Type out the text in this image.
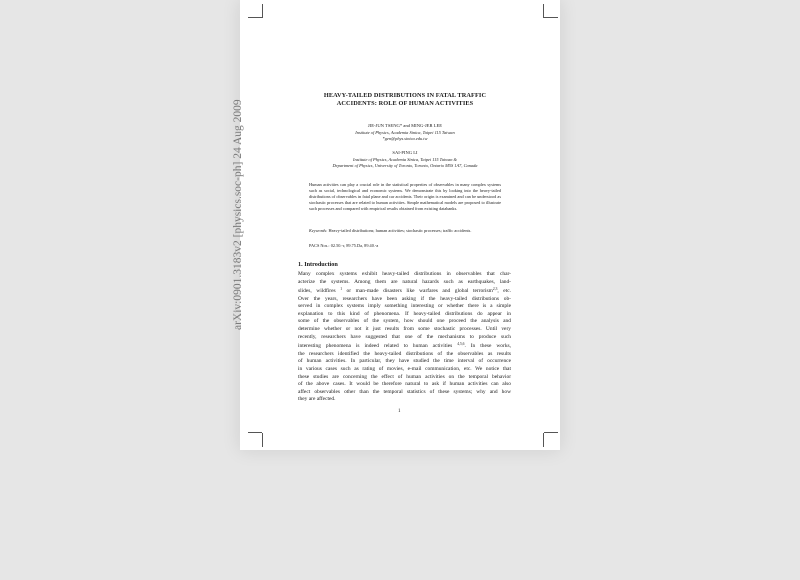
arXiv:0901.3183v2 [physics.soc-ph] 24 Aug 2009
HEAVY-TAILED DISTRIBUTIONS IN FATAL TRAFFIC
ACCIDENTS: ROLE OF HUMAN ACTIVITIES
JIE-JUN TSENG* and MING-JER LEE
Institute of Physics, Academia Sinica, Taipei 115 Taiwan
*gen@phys.sinica.edu.tw
SAI-PING LI
Institute of Physics, Academia Sinica, Taipei 115 Taiwan &
Department of Physics, University of Toronto, Toronto, Ontario M5S 1A7, Canada
Human activities can play a crucial role in the statistical properties of observables in many complex systems such as social, technological and economic systems. We demonstrate this by looking into the heavy-tailed distributions of observables in fatal plane and car accidents. Their origin is examined and can be understood as stochastic processes that are related to human activities. Simple mathematical models are proposed to illustrate such processes and compared with empirical results obtained from existing databanks.
Keywords: Heavy-tailed distributions; human activities; stochastic processes; traffic accidents.
PACS Nos.: 02.50.-r, 89.75.Da, 89.40.-a
1. Introduction
Many complex systems exhibit heavy-tailed distributions in observables that char-
acterize the systems. Among them are natural hazards such as earthquakes, land-
slides, wildfires $^1$ or man-made disasters like warfares and global terrorism$^{2,3}$, etc.
Over the years, researchers have been asking if the heavy-tailed distributions ob-
served in complex systems imply something interesting or whether there is a simple
explanation to this kind of phenomena. If heavy-tailed distributions do appear in
some of the observables of the system, how should one proceed the analysis and
determine whether or not it just results from some stochastic processes. Until very
recently, researchers have suggested that one of the mechanisms to produce such
interesting phenomena is indeed related to human activities $^{4,5,6}$. In these works,
the researchers identified the heavy-tailed distributions of the observables as results
of human activities. In particular, they have studied the time interval of occurrence
in various cases such as rating of movies, e-mail communication, etc. We notice that
these studies are concerning the effect of human activities on the temporal behavior
of the above cases. It would be therefore natural to ask if human activities can also
affect observables other than the temporal statistics of these systems; why and how
they are affected.
1
